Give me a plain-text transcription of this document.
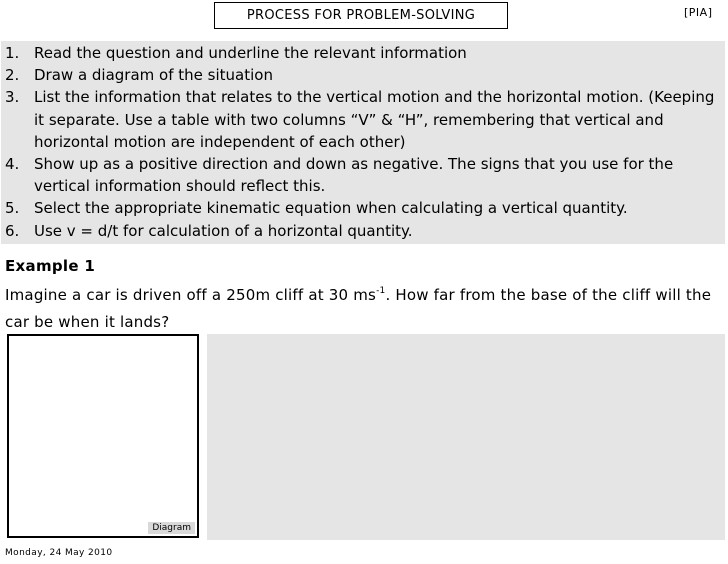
PROCESS FOR PROBLEM-SOLVING	[PIA]
1. Read the question and underline the relevant information
2. Draw a diagram of the situation
3. List the information that relates to the vertical motion and the horizontal motion. (Keeping it separate. Use a table with two columns “V” & “H”, remembering that vertical and horizontal motion are independent of each other)
4. Show up as a positive direction and down as negative. The signs that you use for the vertical information should reflect this.
5. Select the appropriate kinematic equation when calculating a vertical quantity.
6. Use v = d/t for calculation of a horizontal quantity.
Example 1
Imagine a car is driven off a 250m cliff at 30 $ms^{-1}$. How far from the base of the cliff will the car be when it lands?
Diagram
Monday, 24 May 2010
